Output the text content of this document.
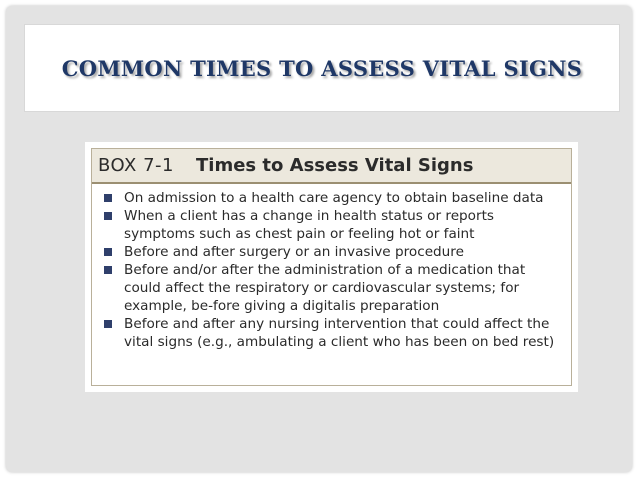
COMMON TIMES TO ASSESS VITAL SIGNS
BOX 7-1 Times to Assess Vital Signs
On admission to a health care agency to obtain baseline data
When a client has a change in health status or reports symptoms such as chest pain or feeling hot or faint
Before and after surgery or an invasive procedure
Before and/or after the administration of a medication that could affect the respiratory or cardiovascular systems; for example, be-fore giving a digitalis preparation
Before and after any nursing intervention that could affect the vital signs (e.g., ambulating a client who has been on bed rest)
